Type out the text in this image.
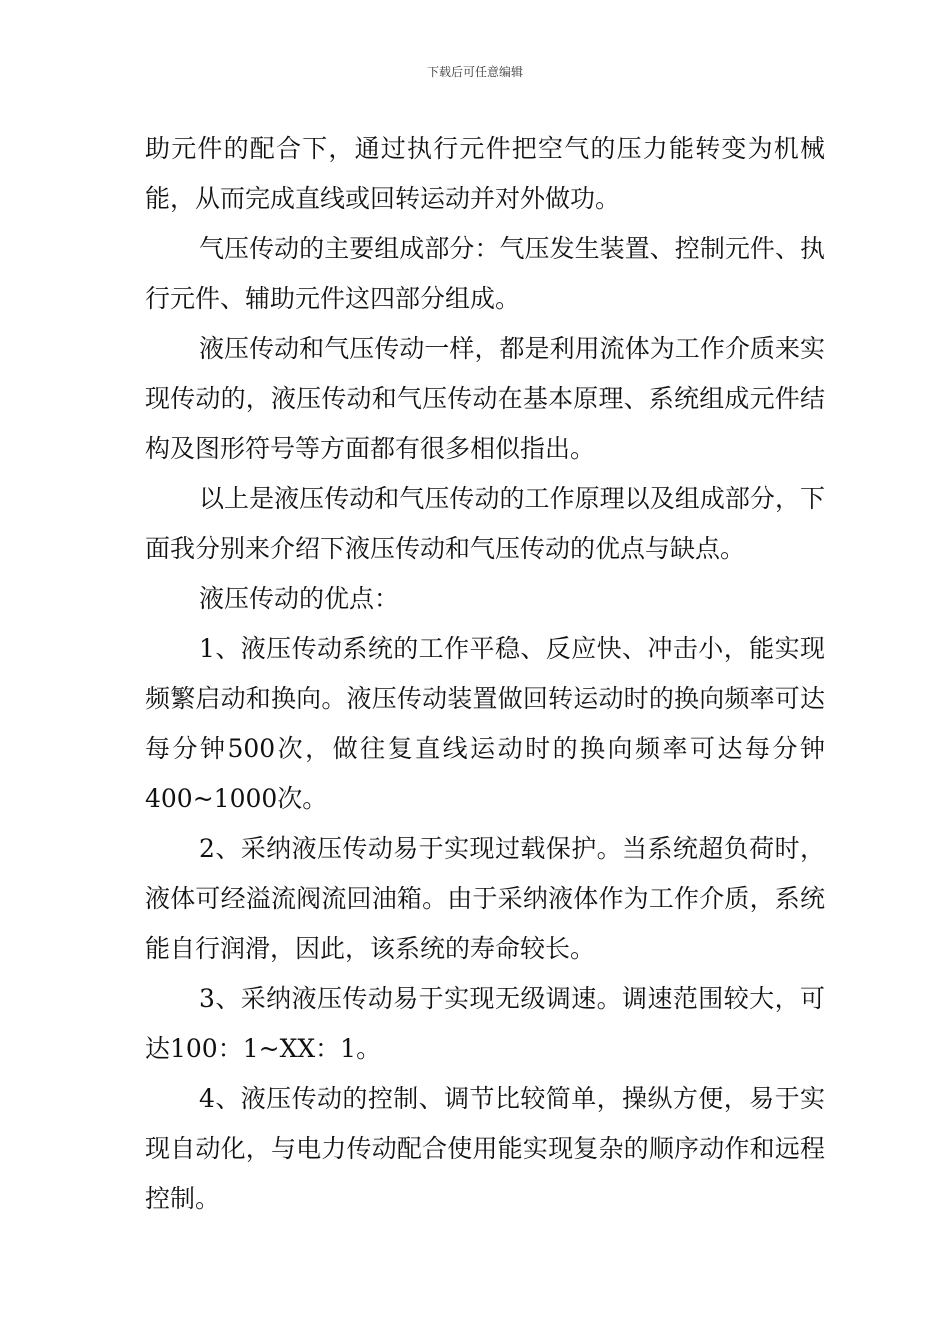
下载后可任意编辑

助元件的配合下，通过执行元件把空气的压力能转变为机械能，从而完成直线或回转运动并对外做功。

气压传动的主要组成部分：气压发生装置、控制元件、执行元件、辅助元件这四部分组成。

液压传动和气压传动一样，都是利用流体为工作介质来实现传动的，液压传动和气压传动在基本原理、系统组成元件结构及图形符号等方面都有很多相似指出。

以上是液压传动和气压传动的工作原理以及组成部分，下面我分别来介绍下液压传动和气压传动的优点与缺点。

液压传动的优点：

1、液压传动系统的工作平稳、反应快、冲击小，能实现频繁启动和换向。液压传动装置做回转运动时的换向频率可达每分钟500次，做往复直线运动时的换向频率可达每分钟400~1000次。

2、采纳液压传动易于实现过载保护。当系统超负荷时，液体可经溢流阀流回油箱。由于采纳液体作为工作介质，系统能自行润滑，因此，该系统的寿命较长。

3、采纳液压传动易于实现无级调速。调速范围较大，可达100：1~XX：1。

4、液压传动的控制、调节比较简单，操纵方便，易于实现自动化，与电力传动配合使用能实现复杂的顺序动作和远程控制。
